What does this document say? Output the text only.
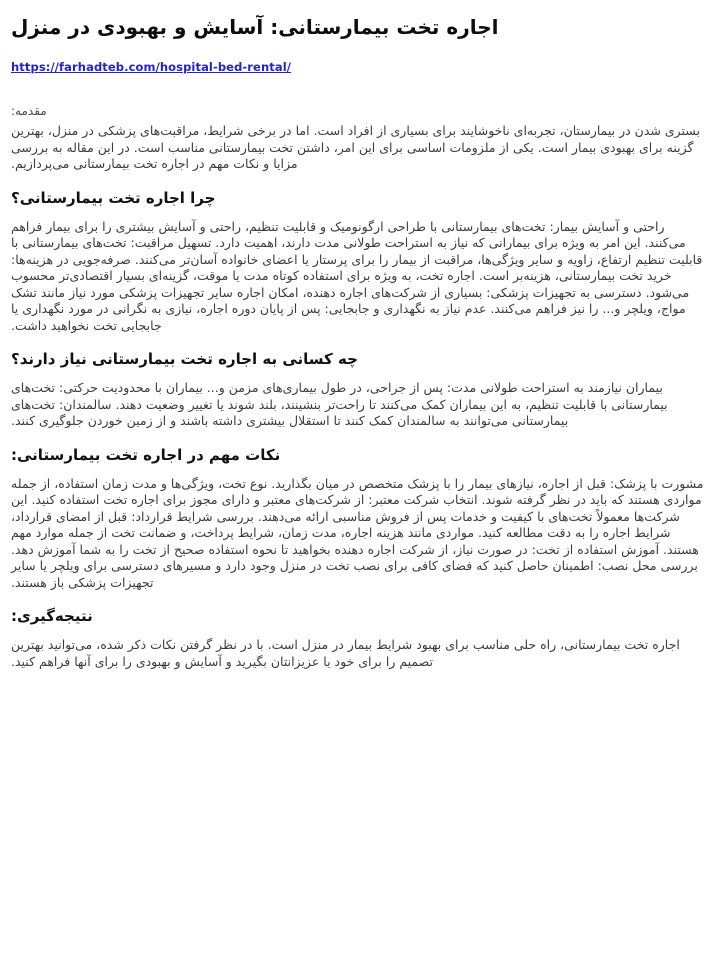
اجاره تخت بیمارستانی: آسایش و بهبودی در منزل

https://farhadteb.com/hospital-bed-rental/

مقدمه:

بستری شدن در بیمارستان، تجربه‌ای ناخوشایند برای بسیاری از افراد است. اما در برخی شرایط، مراقبت‌های پزشکی در منزل، بهترین گزینه برای بهبودی بیمار است. یکی از ملزومات اساسی برای این امر، داشتن تخت بیمارستانی مناسب است. در این مقاله به بررسی مزایا و نکات مهم در اجاره تخت بیمارستانی می‌پردازیم.

چرا اجاره تخت بیمارستانی؟

راحتی و آسایش بیمار: تخت‌های بیمارستانی با طراحی ارگونومیک و قابلیت تنظیم، راحتی و آسایش بیشتری را برای بیمار فراهم می‌کنند. این امر به ویژه برای بیمارانی که نیاز به استراحت طولانی مدت دارند، اهمیت دارد. تسهیل مراقبت: تخت‌های بیمارستانی با قابلیت تنظیم ارتفاع، زاویه و سایر ویژگی‌ها، مراقبت از بیمار را برای پرستار یا اعضای خانواده آسان‌تر می‌کنند. صرفه‌جویی در هزینه‌ها: خرید تخت بیمارستانی، هزینه‌بر است. اجاره تخت، به ویژه برای استفاده کوتاه مدت یا موقت، گزینه‌ای بسیار اقتصادی‌تر محسوب می‌شود. دسترسی به تجهیزات پزشکی: بسیاری از شرکت‌های اجاره دهنده، امکان اجاره سایر تجهیزات پزشکی مورد نیاز مانند تشک مواج، ویلچر و... را نیز فراهم می‌کنند. عدم نیاز به نگهداری و جابجایی: پس از پایان دوره اجاره، نیازی به نگرانی در مورد نگهداری یا جابجایی تخت نخواهید داشت.

چه کسانی به اجاره تخت بیمارستانی نیاز دارند؟

بیماران نیازمند به استراحت طولانی مدت: پس از جراحی، در طول بیماری‌های مزمن و... بیماران با محدودیت حرکتی: تخت‌های بیمارستانی با قابلیت تنظیم، به این بیماران کمک می‌کنند تا راحت‌تر بنشینند، بلند شوند یا تغییر وضعیت دهند. سالمندان: تخت‌های بیمارستانی می‌توانند به سالمندان کمک کنند تا استقلال بیشتری داشته باشند و از زمین خوردن جلوگیری کنند.

نکات مهم در اجاره تخت بیمارستانی:

مشورت با پزشک: قبل از اجاره، نیازهای بیمار را با پزشک متخصص در میان بگذارید. نوع تخت، ویژگی‌ها و مدت زمان استفاده، از جمله مواردی هستند که باید در نظر گرفته شوند. انتخاب شرکت معتبر: از شرکت‌های معتبر و دارای مجوز برای اجاره تخت استفاده کنید. این شرکت‌ها معمولاً تخت‌های با کیفیت و خدمات پس از فروش مناسبی ارائه می‌دهند. بررسی شرایط قرارداد: قبل از امضای قرارداد، شرایط اجاره را به دقت مطالعه کنید. مواردی مانند هزینه اجاره، مدت زمان، شرایط پرداخت، و ضمانت تخت از جمله موارد مهم هستند. آموزش استفاده از تخت: در صورت نیاز، از شرکت اجاره دهنده بخواهید تا نحوه استفاده صحیح از تخت را به شما آموزش دهد. بررسی محل نصب: اطمینان حاصل کنید که فضای کافی برای نصب تخت در منزل وجود دارد و مسیرهای دسترسی برای ویلچر یا سایر تجهیزات پزشکی باز هستند.

نتیجه‌گیری:

اجاره تخت بیمارستانی، راه حلی مناسب برای بهبود شرایط بیمار در منزل است. با در نظر گرفتن نکات ذکر شده، می‌توانید بهترین تصمیم را برای خود یا عزیزانتان بگیرید و آسایش و بهبودی را برای آنها فراهم کنید.
